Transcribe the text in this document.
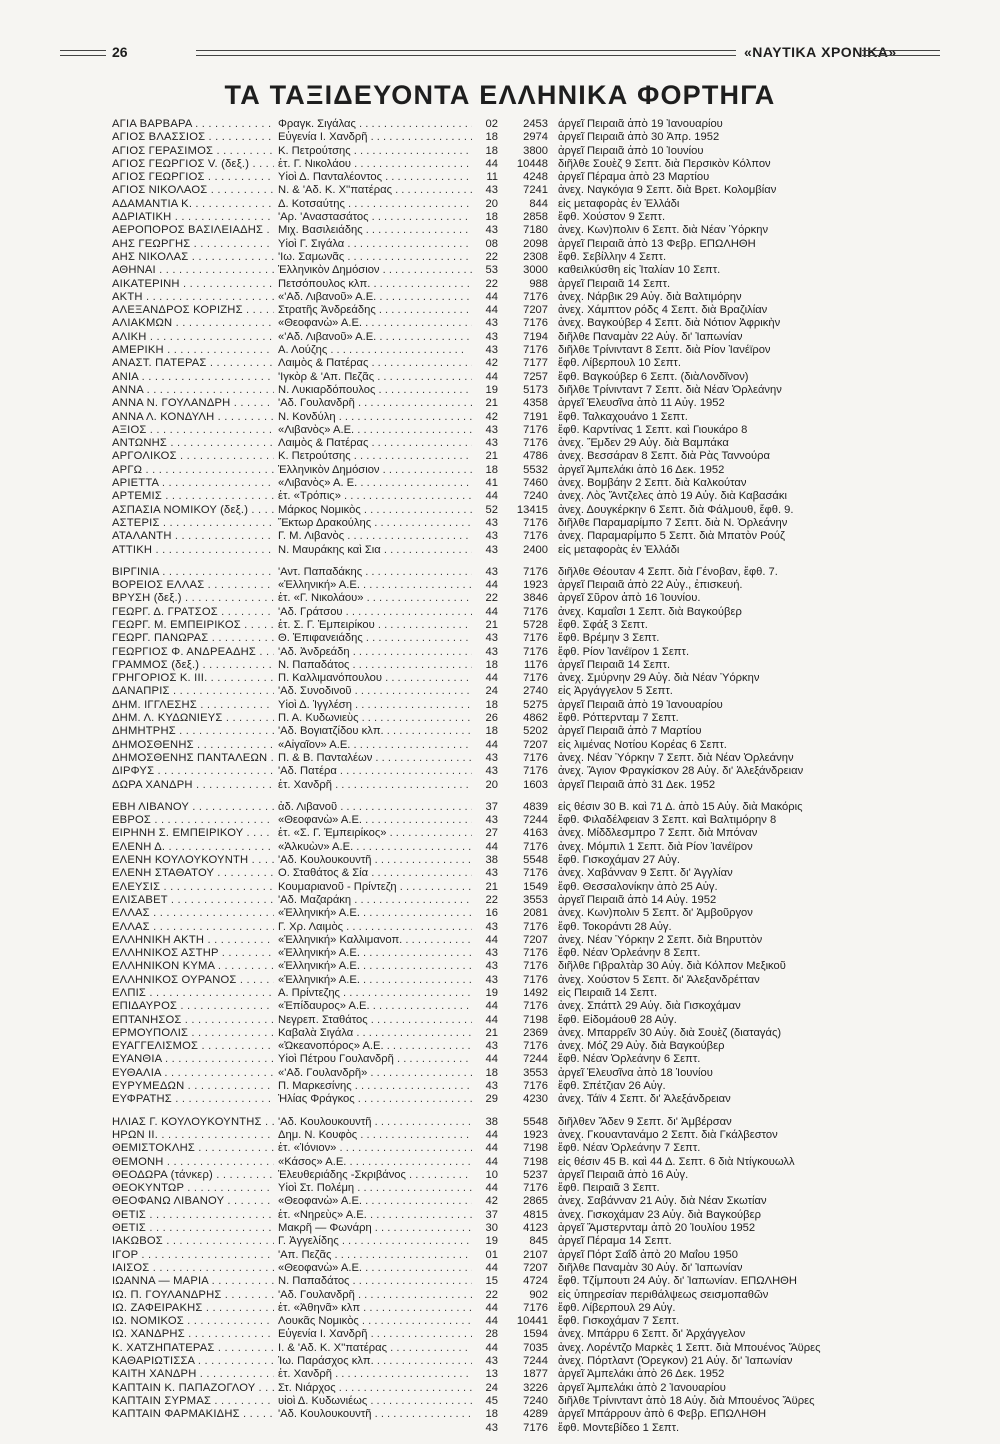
26	«ΝΑΥΤΙΚΑ ΧΡΟΝΙΚΑ»
ΤΑ ΤΑΞΙΔΕΥΟΝΤΑ ΕΛΛΗΝΙΚΑ ΦΟΡΤΗΓΑ
ΑΓΙΑ ΒΑΡΒΑΡΑ . . .	Φραγκ. Σιγάλας . . .	02	2453 άργεῖ Πειραιᾶ ἀπὸ 19 Ἰανουαρίου
ΑΓΙΟΣ ΒΛΑΣΣΙΟΣ . . .	Εὐγενία Ι. Χανδρῆ . . .	18	2974 ἀργεῖ Πειραιᾶ ἀπὸ 30 Ἀπρ. 1952
ΑΓΙΟΣ ΓΕΡΑΣΙΜΟΣ . . .	Κ. Πετρούτσης . . .	18	3800 ἀργεῖ Πειραιᾶ ἀπὸ 10 Ἰουνίου
ΑΓΙΟΣ ΓΕΩΡΓΙΟΣ V. (δεξ.) . . .	ἐτ. Γ. Νικολάου . . .	44	10448 διῆλθε Σουὲζ 9 Σεπτ. διὰ Περσικὸν Κόλπον
ΑΓΙΟΣ ΓΕΩΡΓΙΟΣ . . .	Υἱοὶ Δ. Πανταλέοντος . . .	11	4248 ἀργεῖ Πέραμα ἀπὸ 23 Μαρτίου
ΑΓΙΟΣ ΝΙΚΟΛΑΟΣ . . .	Ν. & 'Αδ. Κ. Χ''πατέρας . . .	43	7241 ἀνεχ. Ναγκόγια 9 Σεπτ. διὰ Βρετ. Κολομβίαν
ΑΔΑΜΑΝΤΙΑ Κ. . . .	Δ. Κοτσαύτης . . .	20	844 εἰς μεταφορὰς ἐν Ἑλλάδι
ΑΔΡΙΑΤΙΚΗ . . .	'Αρ. 'Αναστασάτος . . .	18	2858 ἔφθ. Χούστον 9 Σεπτ.
ΑΕΡΟΠΟΡΟΣ ΒΑΣΙΛΕΙΑΔΗΣ . . .	Μιχ. Βασιλειάδης . . .	43	7180 ἀνεχ. Κων)πολιν 6 Σεπτ. διὰ Νέαν Ὑόρκην
ΑΗΣ ΓΕΩΡΓΗΣ . . .	Υἱοὶ Γ. Σιγάλα . . .	08	2098 ἀργεῖ Πειραιᾶ ἀπὸ 13 Φεβρ. ΕΠΩΛΗΘΗ
ΑΗΣ ΝΙΚΟΛΑΣ . . .	'Ιω. Σαμωνᾶς . . .	22	2308 ἔφθ. Σεβίλλην 4 Σεπτ.
ΑΘΗΝΑΙ . . .	Ἑλληνικὸν Δημόσιον . . .	53	3000 καθειλκύσθη εἰς Ἰταλίαν 10 Σεπτ.
ΑΙΚΑΤΕΡΙΝΗ . . .	Πετσόπουλος κλπ. . . .	22	988 ἀργεῖ Πειραιᾶ 14 Σεπτ.
ΑΚΤΗ . . .	«'Αδ. Λιβανοῦ» Α.Ε. . . .	44	7176 ἀνεχ. Νάρβικ 29 Αὐγ. διὰ Βαλτιμόρην
ΑΛΕΞΑΝΔΡΟΣ ΚΟΡΙΖΗΣ . . .	Στρατῆς Ἀνδρεάδης . . .	44	7207 ἀνεχ. Χάμπτον ρόδς 4 Σεπτ. διὰ Βραζιλίαν
ΑΛΙΑΚΜΩΝ . . .	«Θεοφανὼ» Α.Ε. . . .	43	7176 ἀνεχ. Βαγκούβερ 4 Σεπτ. διὰ Νότιον Ἀφρικὴν
ΑΛΙΚΗ . . .	«'Αδ. Λιβανοῦ» Α.Ε. . . .	43	7194 διῆλθε Παναμὰν 22 Αὐγ. δι' Ἰαπωνίαν
ΑΜΕΡΙΚΗ . . .	Α. Λούζης . . .	43	7176 διῆλθε Τρίνινταντ 8 Σεπτ. διὰ Ρίον Ἰανέϊρον
ΑΝΑΣΤ. ΠΑΤΕΡΑΣ . . .	Λαιμὸς & Πατέρας . . .	42	7177 ἔφθ. Λίβερπουλ 10 Σεπτ.
ΑΝΙΑ . . .	'Ιγκὸρ & 'Απ. Πεζᾶς . . .	44	7257 ἔφθ. Βαγκούβερ 6 Σεπτ. (διὰΛονδῖνον)
ΑΝΝΑ . . .	Ν. Λυκιαρδόπουλος . . .	19	5173 διῆλθε Τρίνινταντ 7 Σεπτ. διὰ Νέαν Ὀρλεάνην
ΑΝΝΑ Ν. ΓΟΥΛΑΝΔΡΗ . . .	'Αδ. Γουλανδρῆ . . .	21	4358 ἀργεῖ Ἐλευσῖνα ἀπὸ 11 Αὐγ. 1952
ΑΝΝΑ Λ. ΚΟΝΔΥΛΗ . . .	Ν. Κονδύλη . . .	42	7191 ἔφθ. Ταλκαχουάνο 1 Σεπτ.
ΑΞΙΟΣ . . .	«Λιβανὸς» Α.Ε. . . .	43	7176 ἔφθ. Καρντίνας 1 Σεπτ. καὶ Γιουκάρο 8
ΑΝΤΩΝΗΣ . . .	Λαιμὸς & Πατέρας . . .	43	7176 ἀνεχ. Ἔμδεν 29 Αὐγ. διὰ Βαμπάκα
ΑΡΓΟΛΙΚΟΣ . . .	Κ. Πετρούτσης . . .	21	4786 ἀνεχ. Βεσσάραν 8 Σεπτ. διὰ Ρὰς Ταννούρα
ΑΡΓΩ . . .	Ἑλληνικὸν Δημόσιον . . .	18	5532 ἀργεῖ Ἀμπελάκι ἀπὸ 16 Δεκ. 1952
ΑΡΙΕΤΤΑ . . .	«Λιβανὸς» Α. Ε. . . .	41	7460 ἀνεχ. Βομβάην 2 Σεπτ. διὰ Καλκούταν
ΑΡΤΕΜΙΣ . . .	ἐτ. «Τρόπις» . . .	44	7240 ἀνεχ. Λὸς Ἄντζελες ἀπὸ 19 Αὐγ. διὰ Καβασάκι
ΑΣΠΑΣΙΑ ΝΟΜΙΚΟΥ (δεξ.) . . .	Μάρκος Νομικὸς . . .	52	13415 ἀνεχ. Δουγκέρκην 6 Σεπτ. διὰ Φάλμουθ, ἔφθ. 9.
ΑΣΤΕΡΙΣ . . .	Ἔκτωρ Δρακούλης . . .	43	7176 διῆλθε Παραμαρίμπο 7 Σεπτ. διὰ Ν. Ὀρλεάνην
ΑΤΑΛΑΝΤΗ . . .	Γ. Μ. Λιβανὸς . . .	43	7176 ἀνεχ. Παραμαρίμπο 5 Σεπτ. διὰ Μπατὸν Ρούζ
ΑΤΤΙΚΗ . . .	Ν. Μαυράκης καὶ Σια . . .	43	2400 εἰς μεταφορὰς ἐν Ἑλλάδι
ΒΙΡΓΙΝΙΑ . . .	'Αντ. Παπαδάκης . . .	43	7176 διῆλθε Θέουταν 4 Σεπτ. διὰ Γένοβαν, ἔφθ. 7.
ΒΟΡΕΙΟΣ ΕΛΛΑΣ . . .	«Ἑλληνική» Α.Ε. . . .	44	1923 ἀργεῖ Πειραιᾶ ἀπὸ 22 Αὐγ., ἐπισκευή.
ΒΡΥΣΗ (δεξ.) . . .	ἐτ. «Γ. Νικολάου» . . .	22	3846 ἀργεῖ Σῦρον ἀπὸ 16 Ἰουνίου.
ΓΕΩΡΓ. Δ. ΓΡΑΤΣΟΣ . . .	'Αδ. Γράτσου . . .	44	7176 ἀνεχ. Καμαΐσι 1 Σεπτ. διὰ Βαγκούβερ
ΓΕΩΡΓ. Μ. ΕΜΠΕΙΡΙΚΟΣ . . .	ἐτ. Σ. Γ. Ἐμπειρίκου . . .	21	5728 ἔφθ. Σφάξ 3 Σεπτ.
ΓΕΩΡΓ. ΠΑΝΩΡΑΣ . . .	Θ. Ἐπιφανειάδης . . .	43	7176 ἔφθ. Βρέμην 3 Σεπτ.
ΓΕΩΡΓΙΟΣ Φ. ΑΝΔΡΕΑΔΗΣ . . .	'Αδ. Ἀνδρεάδη . . .	43	7176 ἔφθ. Ρίον Ἰανέϊρον 1 Σεπτ.
ΓΡΑΜΜΟΣ (δεξ.) . . .	Ν. Παπαδάτος . . .	18	1176 ἀργεῖ Πειραιᾶ 14 Σεπτ.
ΓΡΗΓΟΡΙΟΣ Κ. ΙΙΙ. . . .	Π. Καλλιμανόπουλου . . .	44	7176 ἀνεχ. Σμύρνην 29 Αὐγ. διὰ Νέαν Ὑόρκην
ΔΑΝΑΠΡΙΣ . . .	'Αδ. Συνοδινοῦ . . .	24	2740 εἰς Ἀργάγγελον 5 Σεπτ.
ΔΗΜ. ΙΓΓΛΕΣΗΣ . . .	Υἱοὶ Δ. Ἰγγλέση . . .	18	5275 ἀργεῖ Πειραιᾶ ἀπὸ 19 Ἰανουαρίου
ΔΗΜ. Λ. ΚΥΔΩΝΙΕΥΣ . . .	Π. Α. Κυδωνιεὺς . . .	26	4862 ἔφθ. Ρόττερνταμ 7 Σεπτ.
ΔΗΜΗΤΡΗΣ . . .	'Αδ. Βογιατζίδου κλπ. . . .	18	5202 ἀργεῖ Πειραιᾶ ἀπὸ 7 Μαρτίου
ΔΗΜΟΣΘΕΝΗΣ . . .	«Αἰγαῖον» Α.Ε. . . .	44	7207 εἰς λιμένας Νοτίου Κορέας 6 Σεπτ.
ΔΗΜΟΣΘΕΝΗΣ ΠΑΝΤΑΛΕΩΝ . . . Π. & Β. Πανταλέων . . .	43	7176 ἀνεχ. Νέαν Ὑόρκην 7 Σεπτ. διὰ Νέαν Ὀρλεάνην
ΔΙΡΦΥΣ . . .	'Αδ. Πατέρα . . .	43	7176 ἀνεχ. Ἅγιον Φραγκίσκον 28 Αὐγ. δι' Ἀλεξάνδρειαν
ΔΩΡΑ ΧΑΝΔΡΗ . . .	ἐτ. Χανδρῆ . . .	20	1603 ἀργεῖ Πειραιᾶ ἀπὸ 31 Δεκ. 1952
ΕΒΗ ΛΙΒΑΝΟΥ . . .	ἀδ. Λιβανοῦ . . .	37	4839 εἰς θέσιν 30 Β. καὶ 71 Δ. ἀπὸ 15 Αὐγ. διὰ Μακόρις
ΕΒΡΟΣ . . .	«Θεοφανὼ» Α.Ε. . . .	43	7244 ἔφθ. Φιλαδέλφειαν 3 Σεπτ. καὶ Βαλτιμόρην 8
ΕΙΡΗΝΗ Σ. ΕΜΠΕΙΡΙΚΟΥ . . .	ἐτ. «Σ. Γ. Ἐμπειρίκος» . . .	27	4163 ἀνεχ. Μίδδλεσμπρο 7 Σεπτ. διὰ Μπόναν
ΕΛΕΝΗ Δ. . . .	«Ἀλκυὼν» Α.Ε. . . .	44	7176 ἀνεχ. Μόμπιλ 1 Σεπτ. διὰ Ρίον Ἰανέϊρον
ΕΛΕΝΗ ΚΟΥΛΟΥΚΟΥΝΤΗ . . .	'Αδ. Κουλουκουντῆ . . .	38	5548 ἔφθ. Γισκοχάμαν 27 Αὐγ.
ΕΛΕΝΗ ΣΤΑΘΑΤΟΥ . . .	Ο. Σταθάτος & Σία . . .	43	7176 ἀνεχ. Χαβάνναν 9 Σεπτ. δι' Ἀγγλίαν
ΕΛΕΥΣΙΣ . . .	Κουμαριανοῦ - Πρίντεζη . . .	21	1549 ἔφθ. Θεσσαλονίκην ἀπὸ 25 Αὐγ.
ΕΛΙΣΑΒΕΤ . . .	'Αδ. Μαζαράκη . . .	22	3553 ἀργεῖ Πειραιᾶ ἀπὸ 14 Αὐγ. 1952
ΕΛΛΑΣ . . .	«Ἑλληνική» Α.Ε. . . .	16	2081 ἀνεχ. Κων)πολιν 5 Σεπτ. δι' Ἀμβοῦργον
ΕΛΛΑΣ . . .	Γ. Χρ. Λαιμὸς . . .	43	7176 ἔφθ. Τοκοράντι 28 Αὐγ.
ΕΛΛΗΝΙΚΗ ΑΚΤΗ . . .	«Ἑλληνική» Καλλιμανοπ. . . .	44	7207 ἀνεχ. Νέαν Ὑόρκην 2 Σεπτ. διὰ Βηρυττὸν
ΕΛΛΗΝΙΚΟΣ ΑΣΤΗΡ . . .	«Ἑλληνική» Α.Ε. . . .	43	7176 ἔφθ. Νέαν Ὀρλεάνην 8 Σεπτ.
ΕΛΛΗΝΙΚΟΝ ΚΥΜΑ . . .	«Ἑλληνική» Α.Ε. . . .	43	7176 διῆλθε Γιβραλτὰρ 30 Αὐγ. διὰ Κόλπον Μεξικοῦ
ΕΛΛΗΝΙΚΟΣ ΟΥΡΑΝΟΣ . . .	«Ἑλληνική» Α.Ε. . . .	43	7176 ἀνεχ. Χούστον 5 Σεπτ. δι' Ἀλεξανδρέτταν
ΕΛΠΙΣ . . .	Α. Πρίντεζης . . .	19	1492 εἰς Πειραιᾶ 14 Σεπτ.
ΕΠΙΔΑΥΡΟΣ . . .	«Ἐπίδαυρος» Α.Ε. . . .	44	7176 ἀνεχ. Σπάττλ 29 Αὐγ. διὰ Γισκοχάμαν
ΕΠΤΑΝΗΣΟΣ . . .	Νεγρεπ. Σταθάτος . . .	44	7198 ἔφθ. Εἰδομάουθ 28 Αὐγ.
ΕΡΜΟΥΠΟΛΙΣ . . .	Καβαλὰ Σιγάλα . . .	21	2369 ἀνεχ. Μπαρρεῖν 30 Αὐγ. διὰ Σουὲζ (διαταγάς)
ΕΥΑΓΓΕΛΙΣΜΟΣ . . .	«Ὠκεανοπόρος» Α.Ε. . . .	43	7176 ἀνεχ. Μόζ 29 Αὐγ. διὰ Βαγκούβερ
ΕΥΑΝΘΙΑ . . .	Υἱοὶ Πέτρου Γουλανδρῆ . . .	44	7244 ἔφθ. Νέαν Ὀρλεάνην 6 Σεπτ.
ΕΥΘΑΛΙΑ . . .	«'Αδ. Γουλανδρῆ» . . .	18	3553 ἀργεῖ Ἐλευσῖνα ἀπὸ 18 Ἰουνίου
ΕΥΡΥΜΕΔΩΝ . . .	Π. Μαρκεσίνης . . .	43	7176 ἔφθ. Σπέτζιαν 26 Αὐγ.
ΕΥΦΡΑΤΗΣ . . .	Ἠλίας Φράγκος . . .	29	4230 ἀνεχ. Τάϊν 4 Σεπτ. δι' Ἀλεξάνδρειαν
ΗΛΙΑΣ Γ. ΚΟΥΛΟΥΚΟΥΝΤΗΣ . . .	'Αδ. Κουλουκουντῆ . . .	38	5548 διῆλθεν Ἄδεν 9 Σεπτ. δι' Ἀμβέρσαν
ΗΡΩΝ ΙΙ. . . .	Δημ. Ν. Κουφὸς . . .	44	1923 ἀνεχ. Γκουαντανάμο 2 Σεπτ. διὰ Γκάλβεστον
ΘΕΜΙΣΤΟΚΛΗΣ . . .	ἐτ. «Ἰόνιον» . . .	44	7198 ἔφθ. Νέαν Ὀρλεάνην 7 Σεπτ.
ΘΕΜΟΝΗ . . .	«Κάσος» Α.Ε. . . .	44	7198 εἰς θέσιν 45 Β. καὶ 44 Δ. Σεπτ. 6 διὰ Ντίγκουωλλ
ΘΕΟΔΩΡΑ (τάνκερ) . . .	Ἐλευθεριάδης -Σκριβάνος . . .	10	5237 ἀργεῖ Πειραιᾶ ἀπὸ 16 Αὐγ.
ΘΕΟΚΥΝΤΩΡ . . .	Υἱοὶ Στ. Πολέμη . . .	44	7176 ἔφθ. Πειραιᾶ 3 Σεπτ.
ΘΕΟΦΑΝΩ ΛΙΒΑΝΟΥ . . .	«Θεοφανὼ» Α.Ε. . . .	42	2865 ἀνεχ. Σαβάνναν 21 Αὐγ. διὰ Νέαν Σκωτίαν
ΘΕΤΙΣ . . .	ἐτ. «Νηρεὺς» Α.Ε. . . .	37	4815 ἀνεχ. Γισκοχάμαν 23 Αὐγ. διὰ Βαγκούβερ
ΘΕΤΙΣ . . .	Μακρῆ — Φωνάρη . . .	30	4123 ἀργεῖ Ἄμστερνταμ ἀπὸ 20 Ἰουλίου 1952
ΙΑΚΩΒΟΣ . . .	Γ. Ἀγγελίδης . . .	19	845 ἀργεῖ Πέραμα 14 Σεπτ.
ΙΓΟΡ . . .	'Απ. Πεζᾶς . . .	01	2107 ἀργεῖ Πόρτ Σαΐδ ἀπὸ 20 Μαΐου 1950
ΙΑΙΣΟΣ . . .	«Θεοφανὼ» Α.Ε. . . .	44	7207 διῆλθε Παναμὰν 30 Αὐγ. δι' Ἰαπωνίαν
ΙΩΑΝΝΑ — ΜΑΡΙΑ . . .	Ν. Παπαδάτος . . .	15	4724 ἔφθ. Τζίμπουτι 24 Αὐγ. δι' Ἰαπωνίαν. ΕΠΩΛΗΘΗ
ΙΩ. Π. ΓΟΥΛΑΝΔΡΗΣ . . .	'Αδ. Γουλανδρῆ . . .	22	902 εἰς ὑπηρεσίαν περιθάλψεως σεισμοπαθῶν
ΙΩ. ΖΑΦΕΙΡΑΚΗΣ . . .	ἐτ. «Ἀθηνᾶ» κλπ . . .	44	7176 ἔφθ. Λίβερπουλ 29 Αὐγ.
ΙΩ. ΝΟΜΙΚΟΣ . . .	Λουκᾶς Νομικὸς . . .	44	10441 ἔφθ. Γισκοχάμαν 7 Σεπτ.
ΙΩ. ΧΑΝΔΡΗΣ . . .	Εὐγενία Ι. Χανδρῆ . . .	28	1594 ἀνεχ. Μπάρρυ 6 Σεπτ. δι' Ἀρχάγγελον
Κ. ΧΑΤΖΗΠΑΤΕΡΑΣ . . .	Ι. & 'Αδ. Κ. Χ''πατέρας . . .	44	7035 ἀνεχ. Λορέντζο Μαρκὲς 1 Σεπτ. διὰ Μπουένος Ἄϋρες
ΚΑΘΑΡΙΩΤΙΣΣΑ . . .	Ἰω. Παράσχος κλπ. . . .	43	7244 ἀνεχ. Πόρτλαντ (Ὀρεγκον) 21 Αὐγ. δι' Ἰαπωνίαν
ΚΑΙΤΗ ΧΑΝΔΡΗ . . .	ἐτ. Χανδρῆ . . .	13	1877 ἀργεῖ Ἀμπελάκι ἀπὸ 26 Δεκ. 1952
ΚΑΠΤΑΙΝ Κ. ΠΑΠΑΖΟΓΛΟΥ . . .	Στ. Νιάρχος . . .	24	3226 ἀργεῖ Ἀμπελάκι ἀπὸ 2 Ἰανουαρίου
ΚΑΠΤΑΙΝ ΣΥΡΜΑΣ . . .	υἱοὶ Δ. Κυδωνιέως . . .	45	7240 διῆλθε Τρίνινταντ ἀπὸ 18 Αὐγ. διὰ Μπουένος Ἄϋρες
ΚΑΠΤΑΙΝ ΦΑΡΜΑΚΙΔΗΣ . . .	'Αδ. Κουλουκουντῆ . . .	18	4289 ἀργεῖ Μπάρρουν ἀπὸ 6 Φεβρ. ΕΠΩΛΗΘΗ
43	7176 ἔφθ. Μοντεβίδεο 1 Σεπτ.
